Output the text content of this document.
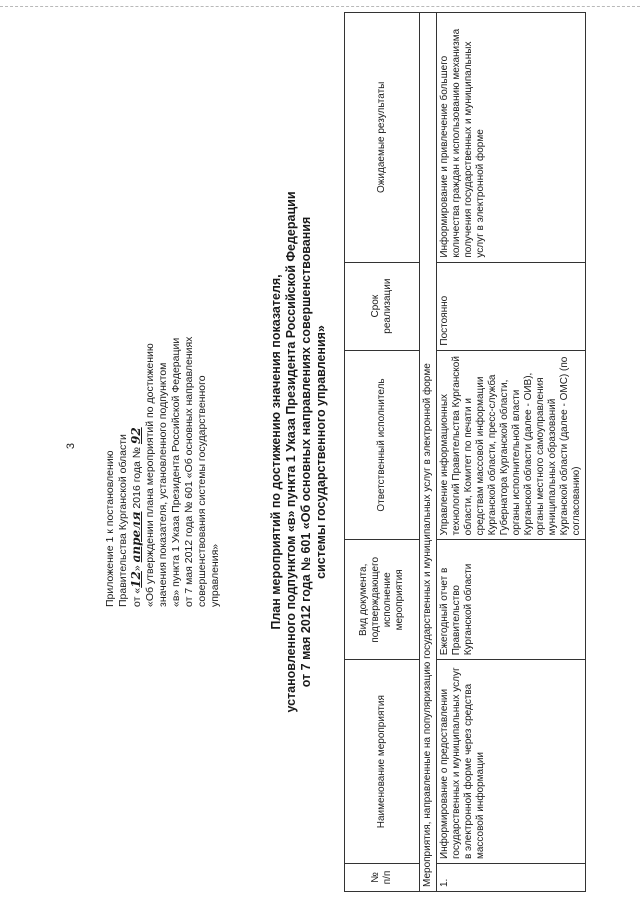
3
Приложение 1 к постановлению Правительства Курганской области от «12» апреля 2016 года № 92 «Об утверждении плана мероприятий по достижению значения показателя, установленного подпунктом «в» пункта 1 Указа Президента Российской Федерации от 7 мая 2012 года № 601 «Об основных направлениях совершенствования системы государственного управления»	План мероприятий по достижению значения показателя, установленного подпунктом «в» пункта 1 Указа Президента Российской Федерации от 7 мая 2012 года № 601 «Об основных направлениях совершенствования системы государственного управления»
№ п/п	Наименование мероприятия	Вид документа, подтверждающего исполнение мероприятия	Ответственный исполнитель	Срок реализации	Ожидаемые результаты
Мероприятия, направленные на популяризацию государственных и муниципальных услуг в электронной форме					
1.	Информирование о предоставлении государственных и муниципальных услуг в электронной форме через средства массовой информации	Ежегодный отчет в Правительство Курганской области	Управление информационных технологий Правительства Курганской области, Комитет по печати и средствам массовой информации Курганской области, пресс-служба Губернатора Курганской области, органы исполнительной власти Курганской области (далее - ОИВ), органы местного самоуправления муниципальных образований Курганской области (далее - ОМС) (по согласованию)	Постоянно	Информирование и привлечение большего количества граждан к использованию механизма получения государственных и муниципальных услуг в электронной форме
